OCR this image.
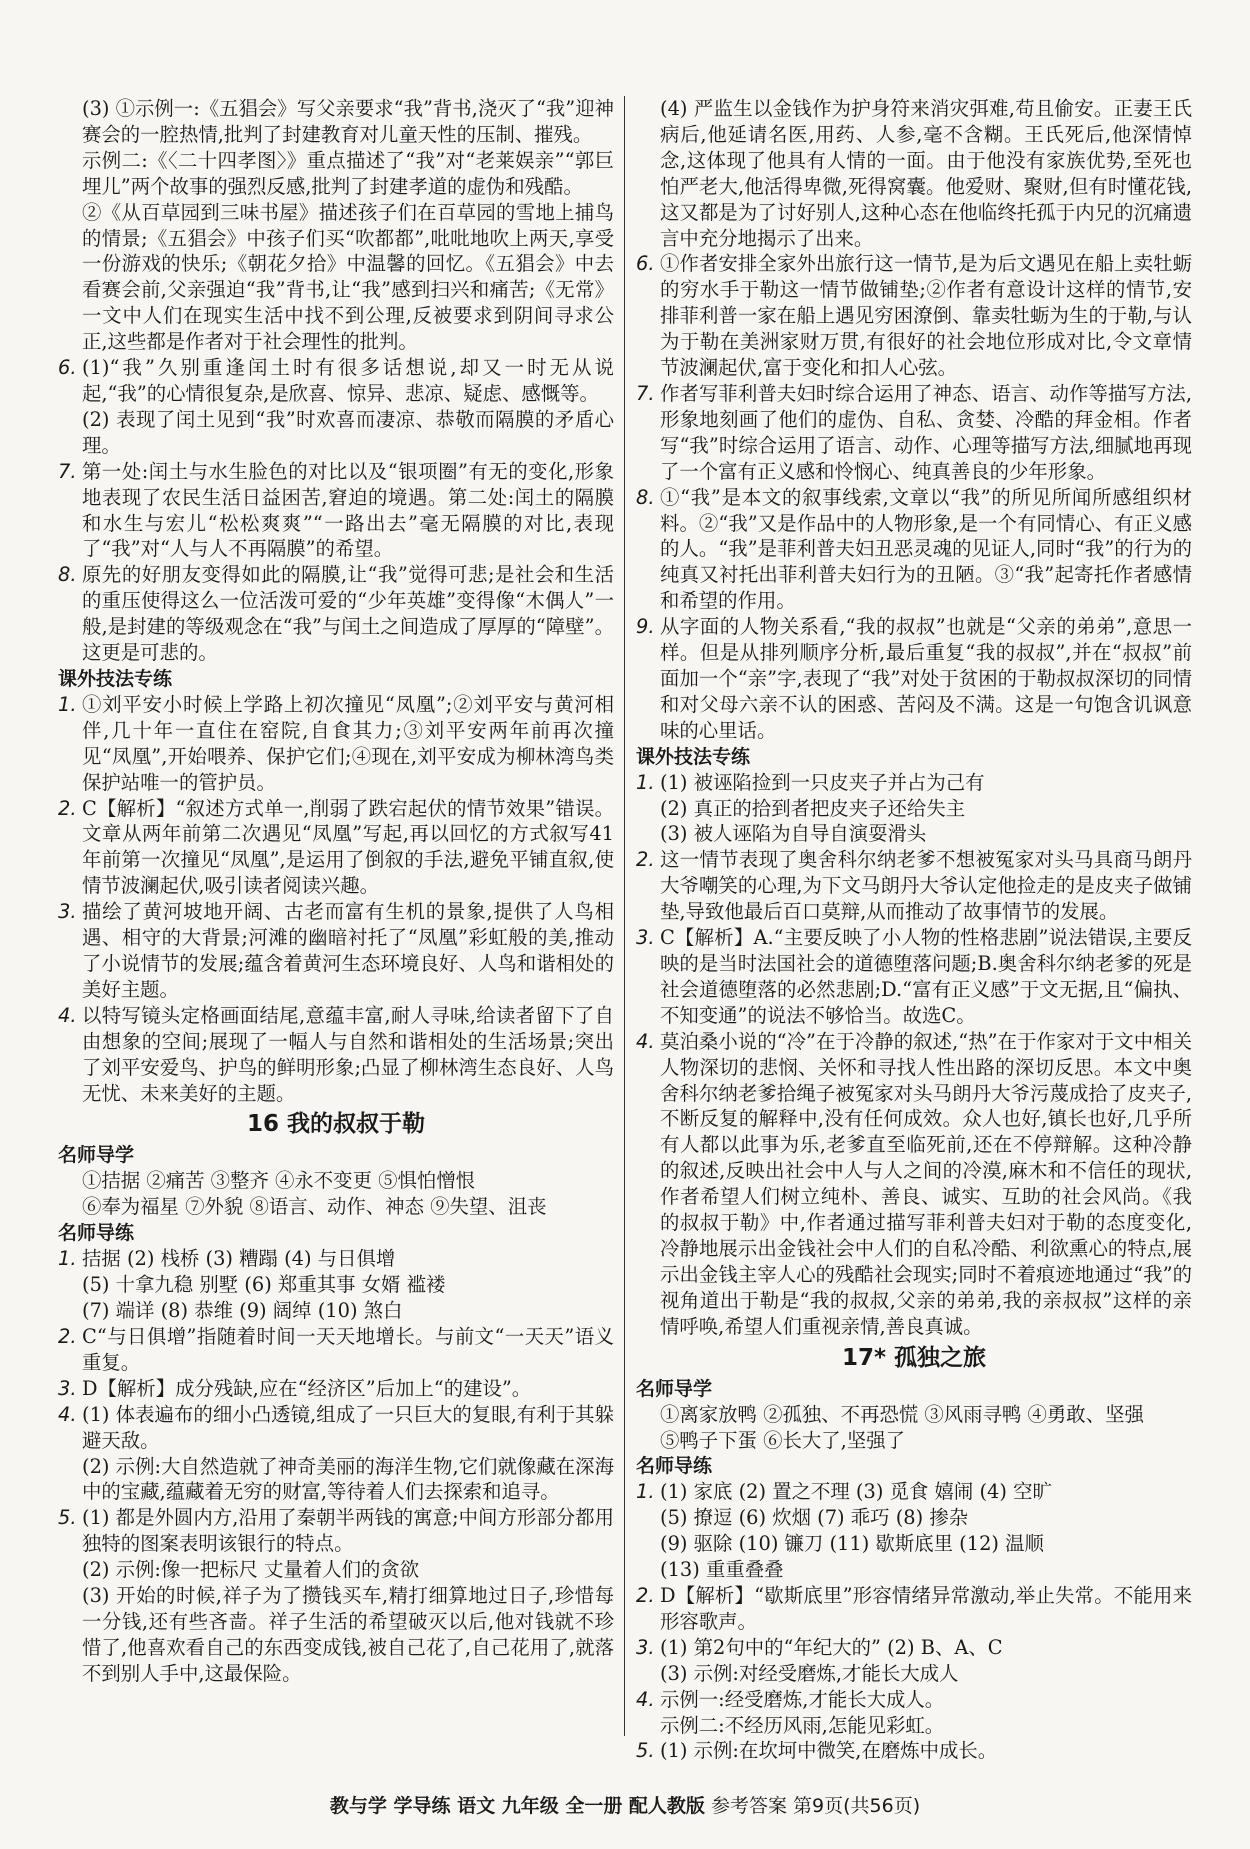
(3) ①示例一:《五猖会》写父亲要求“我”背书,浇灭了“我”迎神赛会的一腔热情,批判了封建教育对儿童天性的压制、摧残。

示例二:《〈二十四孝图〉》重点描述了“我”对“老莱娱亲”“郭巨埋儿”两个故事的强烈反感,批判了封建孝道的虚伪和残酷。

②《从百草园到三味书屋》描述孩子们在百草园的雪地上捕鸟的情景;《五猖会》中孩子们买“吹都都”,吡吡地吹上两天,享受一份游戏的快乐;《朝花夕拾》中温馨的回忆。《五猖会》中去看赛会前,父亲强迫“我”背书,让“我”感到扫兴和痛苦;《无常》一文中人们在现实生活中找不到公理,反被要求到阴间寻求公正,这些都是作者对于社会理性的批判。

6. (1)“我”久别重逢闰土时有很多话想说,却又一时无从说起,“我”的心情很复杂,是欣喜、惊异、悲凉、疑虑、感慨等。

(2) 表现了闰土见到“我”时欢喜而凄凉、恭敬而隔膜的矛盾心理。

7. 第一处:闰土与水生脸色的对比以及“银项圈”有无的变化,形象地表现了农民生活日益困苦,窘迫的境遇。第二处:闰土的隔膜和水生与宏儿“松松爽爽”“一路出去”毫无隔膜的对比,表现了“我”对“人与人不再隔膜”的希望。
8. 原先的好朋友变得如此的隔膜,让“我”觉得可悲;是社会和生活的重压使得这么一位活泼可爱的“少年英雄”变得像“木偶人”一般,是封建的等级观念在“我”与闰土之间造成了厚厚的“障壁”。这更是可悲的。

课外技法专练

1. ①刘平安小时候上学路上初次撞见“凤凰”;②刘平安与黄河相伴,几十年一直住在窑院,自食其力;③刘平安两年前再次撞见“凤凰”,开始喂养、保护它们;④现在,刘平安成为柳林湾鸟类保护站唯一的管护员。
2. C【解析】“叙述方式单一,削弱了跌宕起伏的情节效果”错误。文章从两年前第二次遇见“凤凰”写起,再以回忆的方式叙写41年前第一次撞见“凤凰”,是运用了倒叙的手法,避免平铺直叙,使情节波澜起伏,吸引读者阅读兴趣。
3. 描绘了黄河坡地开阔、古老而富有生机的景象,提供了人鸟相遇、相守的大背景;河滩的幽暗衬托了“凤凰”彩虹般的美,推动了小说情节的发展;蕴含着黄河生态环境良好、人鸟和谐相处的美好主题。
4. 以特写镜头定格画面结尾,意蕴丰富,耐人寻味,给读者留下了自由想象的空间;展现了一幅人与自然和谐相处的生活场景;突出了刘平安爱鸟、护鸟的鲜明形象;凸显了柳林湾生态良好、人鸟无忧、未来美好的主题。

16 我的叔叔于勒

名师导学

①拮据 ②痛苦 ③整齐 ④永不变更 ⑤惧怕憎恨

⑥奉为福星 ⑦外貌 ⑧语言、动作、神态 ⑨失望、沮丧

名师导练

1. 拮据 (2) 栈桥 (3) 糟蹋 (4) 与日俱增

(5) 十拿九稳 别墅 (6) 郑重其事 女婿 褴褛

(7) 端详 (8) 恭维 (9) 阔绰 (10) 煞白

2. C“与日俱增”指随着时间一天天地增长。与前文“一天天”语义重复。
3. D【解析】成分残缺,应在“经济区”后加上“的建设”。
4. (1) 体表遍布的细小凸透镜,组成了一只巨大的复眼,有利于其躲避天敌。

(2) 示例:大自然造就了神奇美丽的海洋生物,它们就像藏在深海中的宝藏,蕴藏着无穷的财富,等待着人们去探索和追寻。

5. (1) 都是外圆内方,沿用了秦朝半两钱的寓意;中间方形部分都用独特的图案表明该银行的特点。

(2) 示例:像一把标尺 丈量着人们的贪欲

(3) 开始的时候,祥子为了攒钱买车,精打细算地过日子,珍惜每一分钱,还有些吝啬。祥子生活的希望破灭以后,他对钱就不珍惜了,他喜欢看自己的东西变成钱,被自己花了,自己花用了,就落不到别人手中,这最保险。

(4) 严监生以金钱作为护身符来消灾弭难,苟且偷安。正妻王氏病后,他延请名医,用药、人参,毫不含糊。王氏死后,他深情悼念,这体现了他具有人情的一面。由于他没有家族优势,至死也怕严老大,他活得卑微,死得窝囊。他爱财、聚财,但有时懂花钱,这又都是为了讨好别人,这种心态在他临终托孤于内兄的沉痛遗言中充分地揭示了出来。

6. ①作者安排全家外出旅行这一情节,是为后文遇见在船上卖牡蛎的穷水手于勒这一情节做铺垫;②作者有意设计这样的情节,安排菲利普一家在船上遇见穷困潦倒、靠卖牡蛎为生的于勒,与认为于勒在美洲家财万贯,有很好的社会地位形成对比,令文章情节波澜起伏,富于变化和扣人心弦。
7. 作者写菲利普夫妇时综合运用了神态、语言、动作等描写方法,形象地刻画了他们的虚伪、自私、贪婪、冷酷的拜金相。作者写“我”时综合运用了语言、动作、心理等描写方法,细腻地再现了一个富有正义感和怜悯心、纯真善良的少年形象。
8. ①“我”是本文的叙事线索,文章以“我”的所见所闻所感组织材料。②“我”又是作品中的人物形象,是一个有同情心、有正义感的人。“我”是菲利普夫妇丑恶灵魂的见证人,同时“我”的行为的纯真又衬托出菲利普夫妇行为的丑陋。③“我”起寄托作者感情和希望的作用。
9. 从字面的人物关系看,“我的叔叔”也就是“父亲的弟弟”,意思一样。但是从排列顺序分析,最后重复“我的叔叔”,并在“叔叔”前面加一个“亲”字,表现了“我”对处于贫困的于勒叔叔深切的同情和对父母六亲不认的困惑、苦闷及不满。这是一句饱含讥讽意味的心里话。

课外技法专练

1. (1) 被诬陷捡到一只皮夹子并占为己有

(2) 真正的拾到者把皮夹子还给失主

(3) 被人诬陷为自导自演耍滑头

2. 这一情节表现了奥舍科尔纳老爹不想被冤家对头马具商马朗丹大爷嘲笑的心理,为下文马朗丹大爷认定他捡走的是皮夹子做铺垫,导致他最后百口莫辩,从而推动了故事情节的发展。
3. C【解析】A.“主要反映了小人物的性格悲剧”说法错误,主要反映的是当时法国社会的道德堕落问题;B.奥舍科尔纳老爹的死是社会道德堕落的必然悲剧;D.“富有正义感”于文无据,且“偏执、不知变通”的说法不够恰当。故选C。
4. 莫泊桑小说的“冷”在于冷静的叙述,“热”在于作家对于文中相关人物深切的悲悯、关怀和寻找人性出路的深切反思。本文中奥舍科尔纳老爹拾绳子被冤家对头马朗丹大爷污蔑成拾了皮夹子,不断反复的解释中,没有任何成效。众人也好,镇长也好,几乎所有人都以此事为乐,老爹直至临死前,还在不停辩解。这种冷静的叙述,反映出社会中人与人之间的冷漠,麻木和不信任的现状,作者希望人们树立纯朴、善良、诚实、互助的社会风尚。《我的叔叔于勒》中,作者通过描写菲利普夫妇对于勒的态度变化,冷静地展示出金钱社会中人们的自私冷酷、利欲熏心的特点,展示出金钱主宰人心的残酷社会现实;同时不着痕迹地通过“我”的视角道出于勒是“我的叔叔,父亲的弟弟,我的亲叔叔”这样的亲情呼唤,希望人们重视亲情,善良真诚。

17* 孤独之旅

名师导学

①离家放鸭 ②孤独、不再恐慌 ③风雨寻鸭 ④勇敢、坚强

⑤鸭子下蛋 ⑥长大了,坚强了

名师导练

1. (1) 家底 (2) 置之不理 (3) 觅食 嬉闹 (4) 空旷

(5) 撩逗 (6) 炊烟 (7) 乖巧 (8) 掺杂

(9) 驱除 (10) 镰刀 (11) 歇斯底里 (12) 温顺

(13) 重重叠叠

2. D【解析】“歇斯底里”形容情绪异常激动,举止失常。不能用来形容歌声。
3. (1) 第2句中的“年纪大的” (2) B、A、C

(3) 示例:对经受磨炼,才能长大成人

4. 示例一:经受磨炼,才能长大成人。

示例二:不经历风雨,怎能见彩虹。

5. (1) 示例:在坎坷中微笑,在磨炼中成长。
教与学 学导练 语文 九年级 全一册 配人教版 参考答案 第9页(共56页)
